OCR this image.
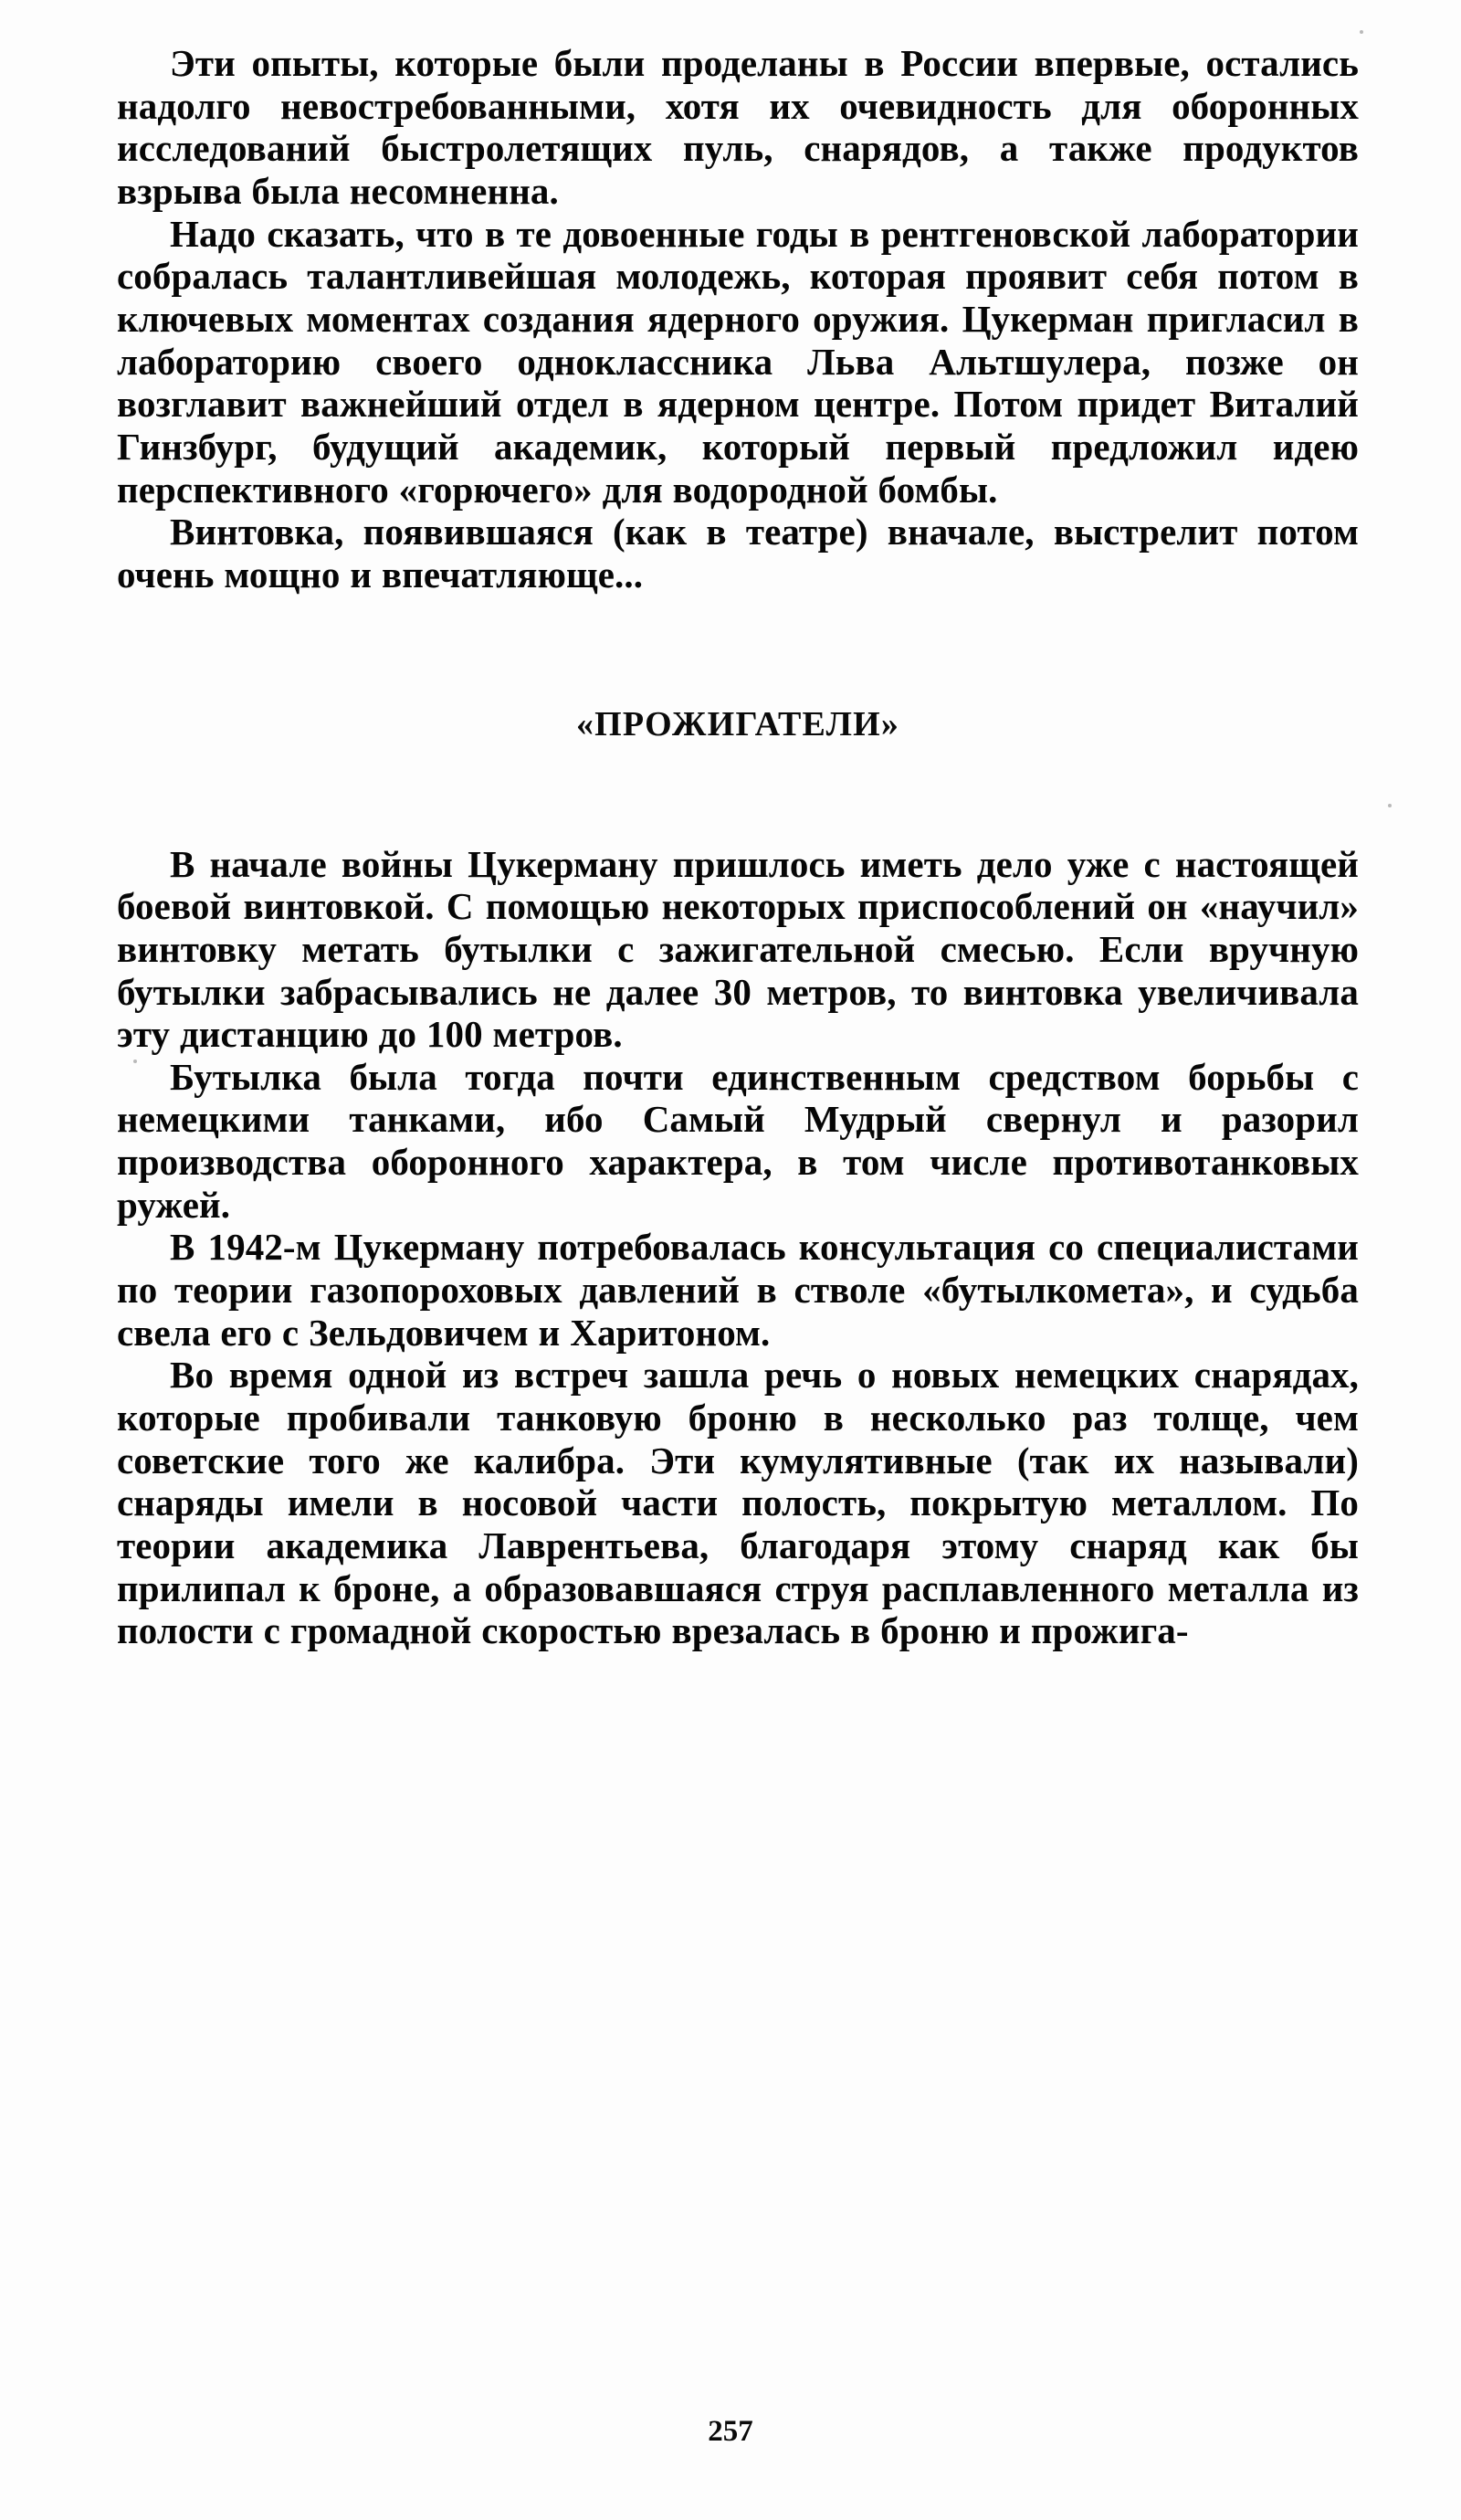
Эти опыты, которые были проделаны в России впервые, остались надолго невостребованными, хотя их очевидность для оборонных исследований быстролетящих пуль, снарядов, а также продуктов взрыва была несомненна.

Надо сказать, что в те довоенные годы в рентгеновской лаборатории собралась талантливейшая молодежь, которая проявит себя потом в ключевых моментах создания ядерного оружия. Цукерман пригласил в лабораторию своего одноклассника Льва Альтшулера, позже он возглавит важнейший отдел в ядерном центре. Потом придет Виталий Гинзбург, будущий академик, который первый предложил идею перспективного «горючего» для водородной бомбы.

Винтовка, появившаяся (как в театре) вначале, выстрелит потом очень мощно и впечатляюще...

«ПРОЖИГАТЕЛИ»

В начале войны Цукерману пришлось иметь дело уже с настоящей боевой винтовкой. С помощью некоторых приспособлений он «научил» винтовку метать бутылки с зажигательной смесью. Если вручную бутылки забрасывались не далее 30 метров, то винтовка увеличивала эту дистанцию до 100 метров.

Бутылка была тогда почти единственным средством борьбы с немецкими танками, ибо Самый Мудрый свернул и разорил производства оборонного характера, в том числе противотанковых ружей.

В 1942-м Цукерману потребовалась консультация со специалистами по теории газопороховых давлений в стволе «бутылкомета», и судьба свела его с Зельдовичем и Харитоном.

Во время одной из встреч зашла речь о новых немецких снарядах, которые пробивали танковую броню в несколько раз толще, чем советские того же калибра. Эти кумулятивные (так их называли) снаряды имели в носовой части полость, покрытую металлом. По теории академика Лаврентьева, благодаря этому снаряд как бы прилипал к броне, а образовавшаяся струя расплавленного металла из полости с громадной скоростью врезалась в броню и прожига-

257
